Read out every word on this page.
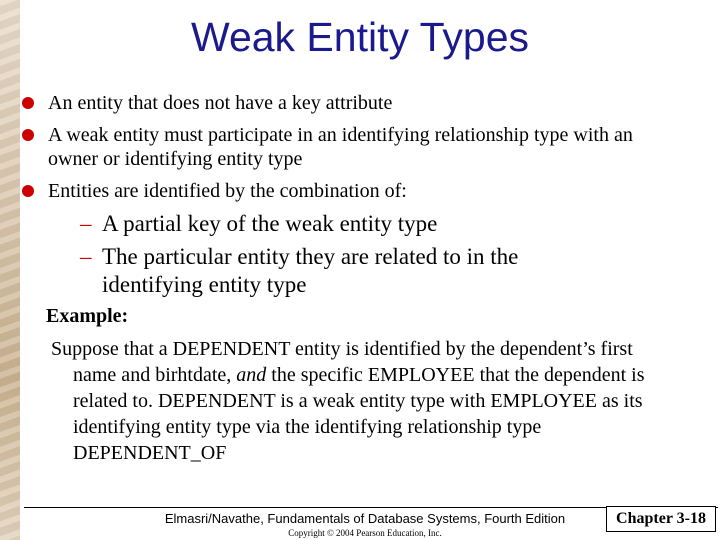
Weak Entity Types
An entity that does not have a key attribute
A weak entity must participate in an identifying relationship type with an owner or identifying entity type
Entities are identified by the combination of:
– A partial key of the weak entity type
– The particular entity they are related to in the identifying entity type
Example:
Suppose that a DEPENDENT entity is identified by the dependent’s first name and birhtdate, and the specific EMPLOYEE that the dependent is related to. DEPENDENT is a weak entity type with EMPLOYEE as its identifying entity type via the identifying relationship type DEPENDENT_OF
Elmasri/Navathe, Fundamentals of Database Systems, Fourth Edition
Copyright © 2004 Pearson Education, Inc.
Chapter 3-18
